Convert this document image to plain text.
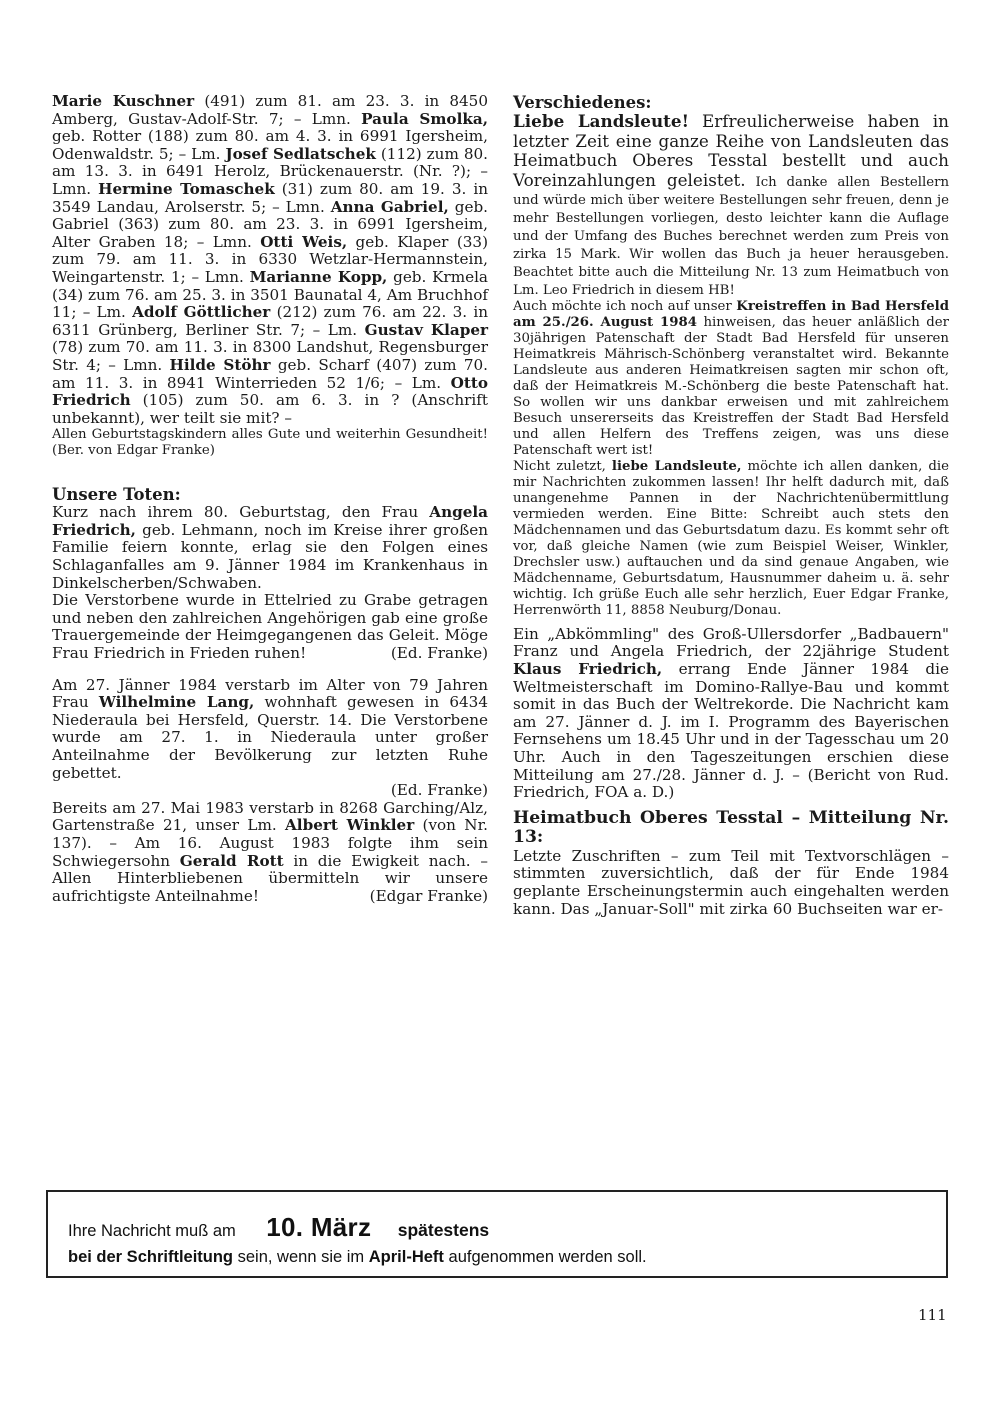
Marie Kuschner (491) zum 81. am 23. 3. in 8450 Amberg, Gustav-Adolf-Str. 7; – Lmn. Paula Smolka, geb. Rotter (188) zum 80. am 4. 3. in 6991 Igersheim, Odenwaldstr. 5; – Lm. Josef Sedlatschek (112) zum 80. am 13. 3. in 6491 Herolz, Brückenauerstr. (Nr. ?); – Lmn. Hermine Tomaschek (31) zum 80. am 19. 3. in 3549 Landau, Arolserstr. 5; – Lmn. Anna Gabriel, geb. Gabriel (363) zum 80. am 23. 3. in 6991 Igersheim, Alter Graben 18; – Lmn. Otti Weis, geb. Klaper (33) zum 79. am 11. 3. in 6330 Wetzlar-Hermannstein, Weingartenstr. 1; – Lmn. Marianne Kopp, geb. Krmela (34) zum 76. am 25. 3. in 3501 Baunatal 4, Am Bruchhof 11; – Lm. Adolf Göttlicher (212) zum 76. am 22. 3. in 6311 Grünberg, Berliner Str. 7; – Lm. Gustav Klaper (78) zum 70. am 11. 3. in 8300 Landshut, Regensburger Str. 4; – Lmn. Hilde Stöhr geb. Scharf (407) zum 70. am 11. 3. in 8941 Winterrieden 52 1/6; – Lm. Otto Friedrich (105) zum 50. am 6. 3. in ? (Anschrift unbekannt), wer teilt sie mit? –

Allen Geburtstagskindern alles Gute und weiterhin Gesundheit! (Ber. von Edgar Franke)

Unsere Toten:

Kurz nach ihrem 80. Geburtstag, den Frau Angela Friedrich, geb. Lehmann, noch im Kreise ihrer großen Familie feiern konnte, erlag sie den Folgen eines Schlaganfalles am 9. Jänner 1984 im Krankenhaus in Dinkelscherben/Schwaben.

Die Verstorbene wurde in Ettelried zu Grabe getragen und neben den zahlreichen Angehörigen gab eine große Trauergemeinde der Heimgegangenen das Geleit. Möge Frau Friedrich in Frieden ruhen!	(Ed. Franke)

Am 27. Jänner 1984 verstarb im Alter von 79 Jahren Frau Wilhelmine Lang, wohnhaft gewesen in 6434 Niederaula bei Hersfeld, Querstr. 14. Die Verstorbene wurde am 27. 1. in Niederaula unter großer Anteilnahme der Bevölkerung zur letzten Ruhe gebettet.

(Ed. Franke)

Bereits am 27. Mai 1983 verstarb in 8268 Garching/Alz, Gartenstraße 21, unser Lm. Albert Winkler (von Nr. 137). – Am 16. August 1983 folgte ihm sein Schwiegersohn Gerald Rott in die Ewigkeit nach. – Allen Hinterbliebenen übermitteln wir unsere aufrichtigste Anteilnahme!	(Edgar Franke)

Verschiedenes:

Liebe Landsleute! Erfreulicherweise haben in letzter Zeit eine ganze Reihe von Landsleuten das Heimatbuch Oberes Tesstal bestellt und auch Voreinzahlungen geleistet. Ich danke allen Bestellern und würde mich über weitere Bestellungen sehr freuen, denn je mehr Bestellungen vorliegen, desto leichter kann die Auflage und der Umfang des Buches berechnet werden zum Preis von zirka 15 Mark. Wir wollen das Buch ja heuer herausgeben. Beachtet bitte auch die Mitteilung Nr. 13 zum Heimatbuch von Lm. Leo Friedrich in diesem HB!

Auch möchte ich noch auf unser Kreistreffen in Bad Hersfeld am 25./26. August 1984 hinweisen, das heuer anläßlich der 30jährigen Patenschaft der Stadt Bad Hersfeld für unseren Heimatkreis Mährisch-Schönberg veranstaltet wird. Bekannte Landsleute aus anderen Heimatkreisen sagten mir schon oft, daß der Heimatkreis M.-Schönberg die beste Patenschaft hat. So wollen wir uns dankbar erweisen und mit zahlreichem Besuch unsererseits das Kreistreffen der Stadt Bad Hersfeld und allen Helfern des Treffens zeigen, was uns diese Patenschaft wert ist!

Nicht zuletzt, liebe Landsleute, möchte ich allen danken, die mir Nachrichten zukommen lassen! Ihr helft dadurch mit, daß unangenehme Pannen in der Nachrichtenübermittlung vermieden werden. Eine Bitte: Schreibt auch stets den Mädchennamen und das Geburtsdatum dazu. Es kommt sehr oft vor, daß gleiche Namen (wie zum Beispiel Weiser, Winkler, Drechsler usw.) auftauchen und da sind genaue Angaben, wie Mädchenname, Geburtsdatum, Hausnummer daheim u. ä. sehr wichtig. Ich grüße Euch alle sehr herzlich, Euer Edgar Franke, Herrenwörth 11, 8858 Neuburg/Donau.

Ein „Abkömmling" des Groß-Ullersdorfer „Badbauern" Franz und Angela Friedrich, der 22jährige Student Klaus Friedrich, errang Ende Jänner 1984 die Weltmeisterschaft im Domino-Rallye-Bau und kommt somit in das Buch der Weltrekorde. Die Nachricht kam am 27. Jänner d. J. im I. Programm des Bayerischen Fernsehens um 18.45 Uhr und in der Tagesschau um 20 Uhr. Auch in den Tageszeitungen erschien diese Mitteilung am 27./28. Jänner d. J. – (Bericht von Rud. Friedrich, FOA a. D.)

Heimatbuch Oberes Tesstal – Mitteilung Nr. 13:

Letzte Zuschriften – zum Teil mit Textvorschlägen – stimmten zuversichtlich, daß der für Ende 1984 geplante Erscheinungstermin auch eingehalten werden kann. Das „Januar-Soll" mit zirka 60 Buchseiten war er-

Ihre Nachricht muß am 10. März spätestens
bei der Schriftleitung sein, wenn sie im April-Heft aufgenommen werden soll.
111
